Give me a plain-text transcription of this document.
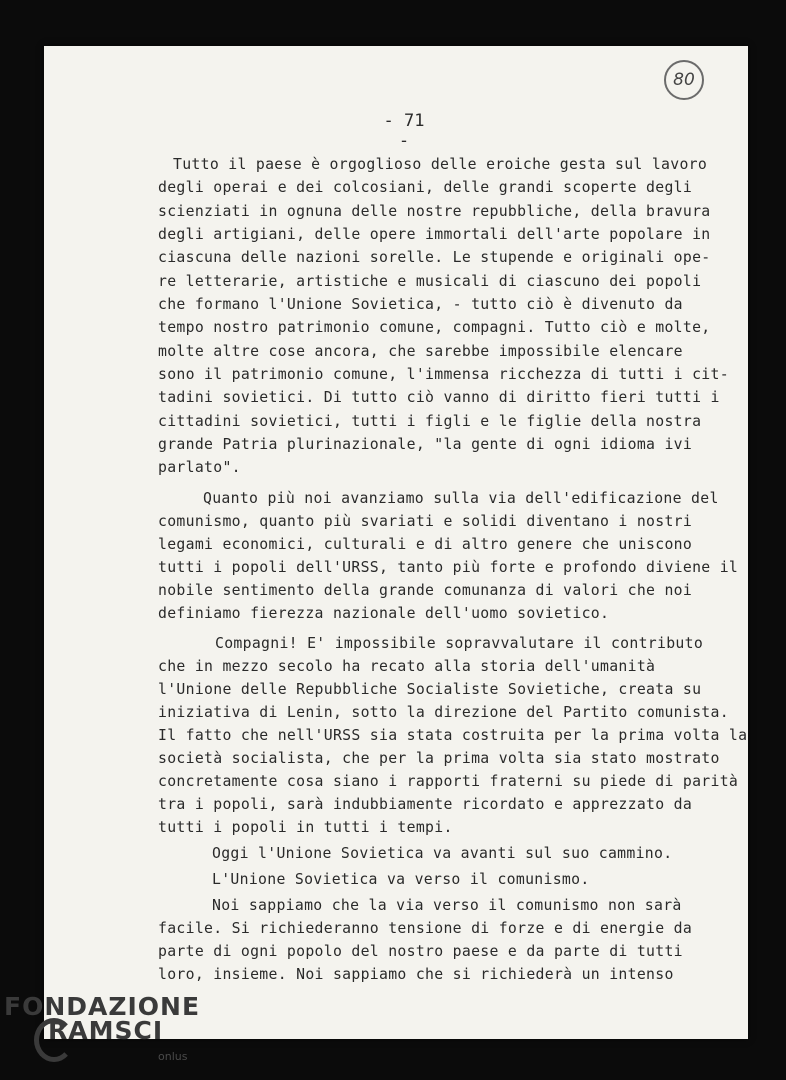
80
- 71 -
Tutto il paese è orgoglioso delle eroiche gesta sul lavoro
degli operai e dei colcosiani, delle grandi scoperte degli
scienziati in ognuna delle nostre repubbliche, della bravura
degli artigiani, delle opere immortali dell'arte popolare in
ciascuna delle nazioni sorelle. Le stupende e originali ope-
re letterarie, artistiche e musicali di ciascuno dei popoli
che formano l'Unione Sovietica, - tutto ciò è divenuto da
tempo nostro patrimonio comune, compagni. Tutto ciò e molte,
molte altre cose ancora, che sarebbe impossibile elencare
sono il patrimonio comune, l'immensa ricchezza di tutti i cit-
tadini sovietici. Di tutto ciò vanno di diritto fieri tutti i
cittadini sovietici, tutti i figli e le figlie della nostra
grande Patria plurinazionale, "la gente di ogni idioma ivi
parlato".
Quanto più noi avanziamo sulla via dell'edificazione del
comunismo, quanto più svariati e solidi diventano i nostri
legami economici, culturali e di altro genere che uniscono
tutti i popoli dell'URSS, tanto più forte e profondo diviene il
nobile sentimento della grande comunanza di valori che noi
definiamo fierezza nazionale dell'uomo sovietico.
Compagni! E' impossibile sopravvalutare il contributo
che in mezzo secolo ha recato alla storia dell'umanità
l'Unione delle Repubbliche Socialiste Sovietiche, creata su
iniziativa di Lenin, sotto la direzione del Partito comunista.
Il fatto che nell'URSS sia stata costruita per la prima volta la
società socialista, che per la prima volta sia stato mostrato
concretamente cosa siano i rapporti fraterni su piede di parità
tra i popoli, sarà indubbiamente ricordato e apprezzato da
tutti i popoli in tutti i tempi.
Oggi l'Unione Sovietica va avanti sul suo cammino.
L'Unione Sovietica va verso il comunismo.
Noi sappiamo che la via verso il comunismo non sarà
facile. Si richiederanno tensione di forze e di energie da
parte di ogni popolo del nostro paese e da parte di tutti
loro, insieme. Noi sappiamo che si richiederà un intenso
FONDAZIONE
RAMSCI
onlus
